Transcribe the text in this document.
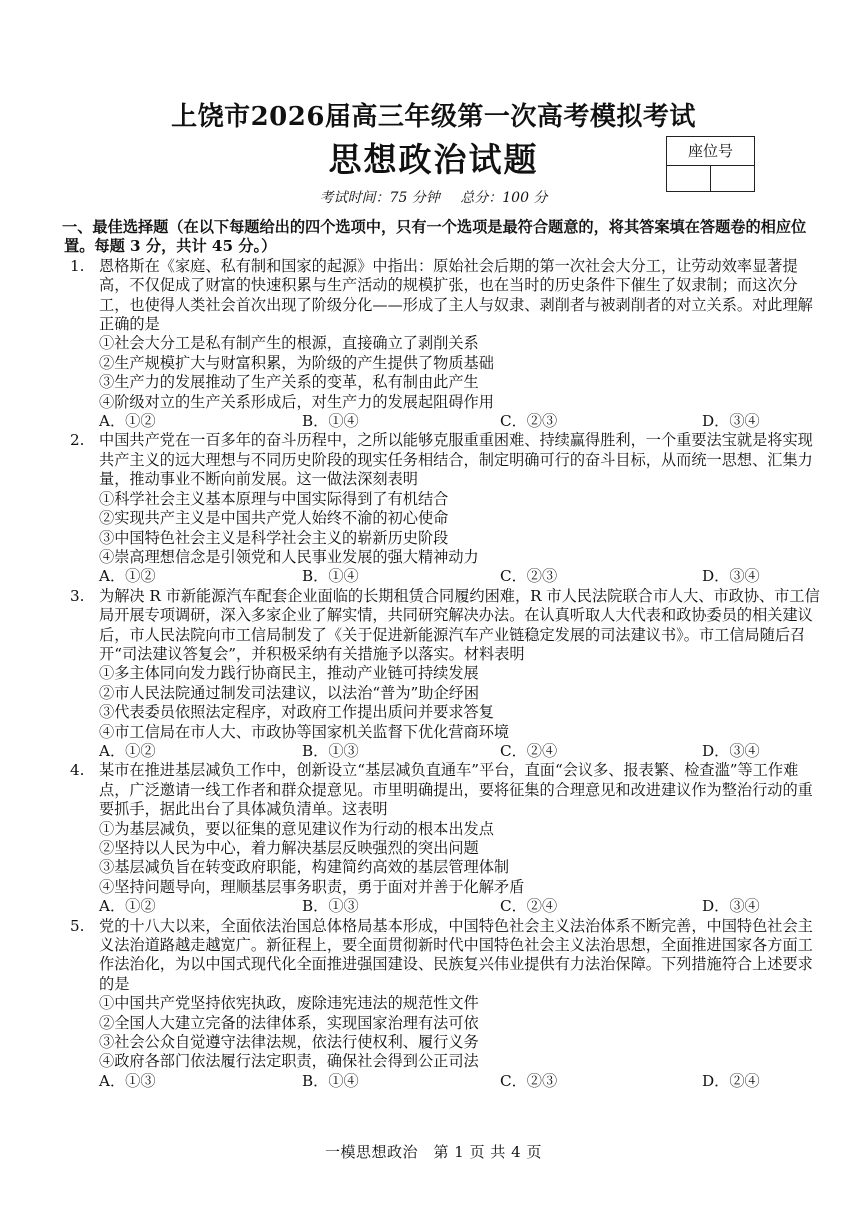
上饶市2026届高三年级第一次高考模拟考试
思想政治试题	座位号
考试时间：75 分钟 总分：100 分
一、最佳选择题（在以下每题给出的四个选项中，只有一个选项是最符合题意的，将其答案填在答题卷的相应位置。每题 3 分，共计 45 分。）
1. 恩格斯在《家庭、私有制和国家的起源》中指出：原始社会后期的第一次社会大分工，让劳动效率显著提高，不仅促成了财富的快速积累与生产活动的规模扩张，也在当时的历史条件下催生了奴隶制；而这次分工，也使得人类社会首次出现了阶级分化——形成了主人与奴隶、剥削者与被剥削者的对立关系。对此理解正确的是

①社会大分工是私有制产生的根源，直接确立了剥削关系

②生产规模扩大与财富积累，为阶级的产生提供了物质基础

③生产力的发展推动了生产关系的变革，私有制由此产生

④阶级对立的生产关系形成后，对生产力的发展起阻碍作用

A．①②	B．①④	C．②③	D．③④
2. 中国共产党在一百多年的奋斗历程中，之所以能够克服重重困难、持续赢得胜利，一个重要法宝就是将实现共产主义的远大理想与不同历史阶段的现实任务相结合，制定明确可行的奋斗目标，从而统一思想、汇集力量，推动事业不断向前发展。这一做法深刻表明

①科学社会主义基本原理与中国实际得到了有机结合

②实现共产主义是中国共产党人始终不渝的初心使命

③中国特色社会主义是科学社会主义的崭新历史阶段

④崇高理想信念是引领党和人民事业发展的强大精神动力

A．①②	B．①④	C．②③	D．③④
3. 为解决 R 市新能源汽车配套企业面临的长期租赁合同履约困难，R 市人民法院联合市人大、市政协、市工信局开展专项调研，深入多家企业了解实情，共同研究解决办法。在认真听取人大代表和政协委员的相关建议后，市人民法院向市工信局制发了《关于促进新能源汽车产业链稳定发展的司法建议书》。市工信局随后召开“司法建议答复会”，并积极采纳有关措施予以落实。材料表明

①多主体同向发力践行协商民主，推动产业链可持续发展

②市人民法院通过制发司法建议，以法治“普为”助企纾困

③代表委员依照法定程序，对政府工作提出质问并要求答复

④市工信局在市人大、市政协等国家机关监督下优化营商环境

A．①②	B．①③	C．②④	D．③④
4. 某市在推进基层减负工作中，创新设立“基层减负直通车”平台，直面“会议多、报表繁、检查滥”等工作难点，广泛邀请一线工作者和群众提意见。市里明确提出，要将征集的合理意见和改进建议作为整治行动的重要抓手，据此出台了具体减负清单。这表明

①为基层减负，要以征集的意见建议作为行动的根本出发点

②坚持以人民为中心，着力解决基层反映强烈的突出问题

③基层减负旨在转变政府职能，构建简约高效的基层管理体制

④坚持问题导向，理顺基层事务职责，勇于面对并善于化解矛盾

A．①②	B．①③	C．②④	D．③④
5. 党的十八大以来，全面依法治国总体格局基本形成，中国特色社会主义法治体系不断完善，中国特色社会主义法治道路越走越宽广。新征程上，要全面贯彻新时代中国特色社会主义法治思想，全面推进国家各方面工作法治化，为以中国式现代化全面推进强国建设、民族复兴伟业提供有力法治保障。下列措施符合上述要求的是

①中国共产党坚持依宪执政，废除违宪违法的规范性文件

②全国人大建立完备的法律体系，实现国家治理有法可依

③社会公众自觉遵守法律法规，依法行使权利、履行义务

④政府各部门依法履行法定职责，确保社会得到公正司法

A．①③	B．①④	C．②③	D．②④
一模思想政治　第 1 页 共 4 页
